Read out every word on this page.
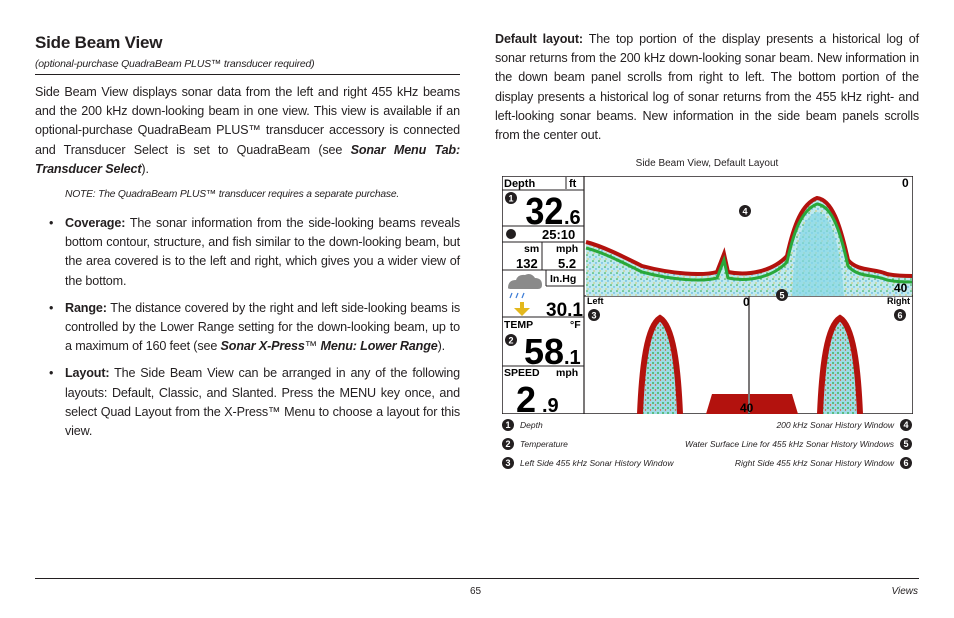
Side Beam View
(optional-purchase QuadraBeam PLUS™ transducer required)

Side Beam View displays sonar data from the left and right 455 kHz beams and the 200 kHz down-looking beam in one view. This view is available if an optional-purchase QuadraBeam PLUS™ transducer accessory is connected and Transducer Select is set to QuadraBeam (see Sonar Menu Tab: Transducer Select).

NOTE: The QuadraBeam PLUS™ transducer requires a separate purchase.
• Coverage: The sonar information from the side-looking beams reveals bottom contour, structure, and fish similar to the down-looking beam, but the area covered is to the left and right, which gives you a wider view of the bottom.
• Range: The distance covered by the right and left side-looking beams is controlled by the Lower Range setting for the down-looking beam, up to a maximum of 160 feet (see Sonar X-Press™ Menu: Lower Range).
• Layout: The Side Beam View can be arranged in any of the following layouts: Default, Classic, and Slanted. Press the MENU key once, and select Quad Layout from the X-Press™ Menu to choose a layout for this view.

Default layout: The top portion of the display presents a historical log of sonar returns from the 200 kHz down-looking sonar beam. New information in the down beam panel scrolls from right to left. The bottom portion of the display presents a historical log of sonar returns from the 455 kHz right- and left-looking sonar beams. New information in the side beam panels scrolls from the center out.

Side Beam View, Default Layout
Depth	ft
32 .6
25:10
sm mph
132 5.2
In.Hg
30.1
TEMP	°F
58 .1
SPEED mph
2 .9
0
40
Left	0	Right
40
1
2
3
4
5
6
1	Depth
2	Temperature
3	Left Side 455 kHz Sonar History Window
200 kHz Sonar History Window	4
Water Surface Line for 455 kHz Sonar History Windows	5
Right Side 455 kHz Sonar History Window	6
65	Views
